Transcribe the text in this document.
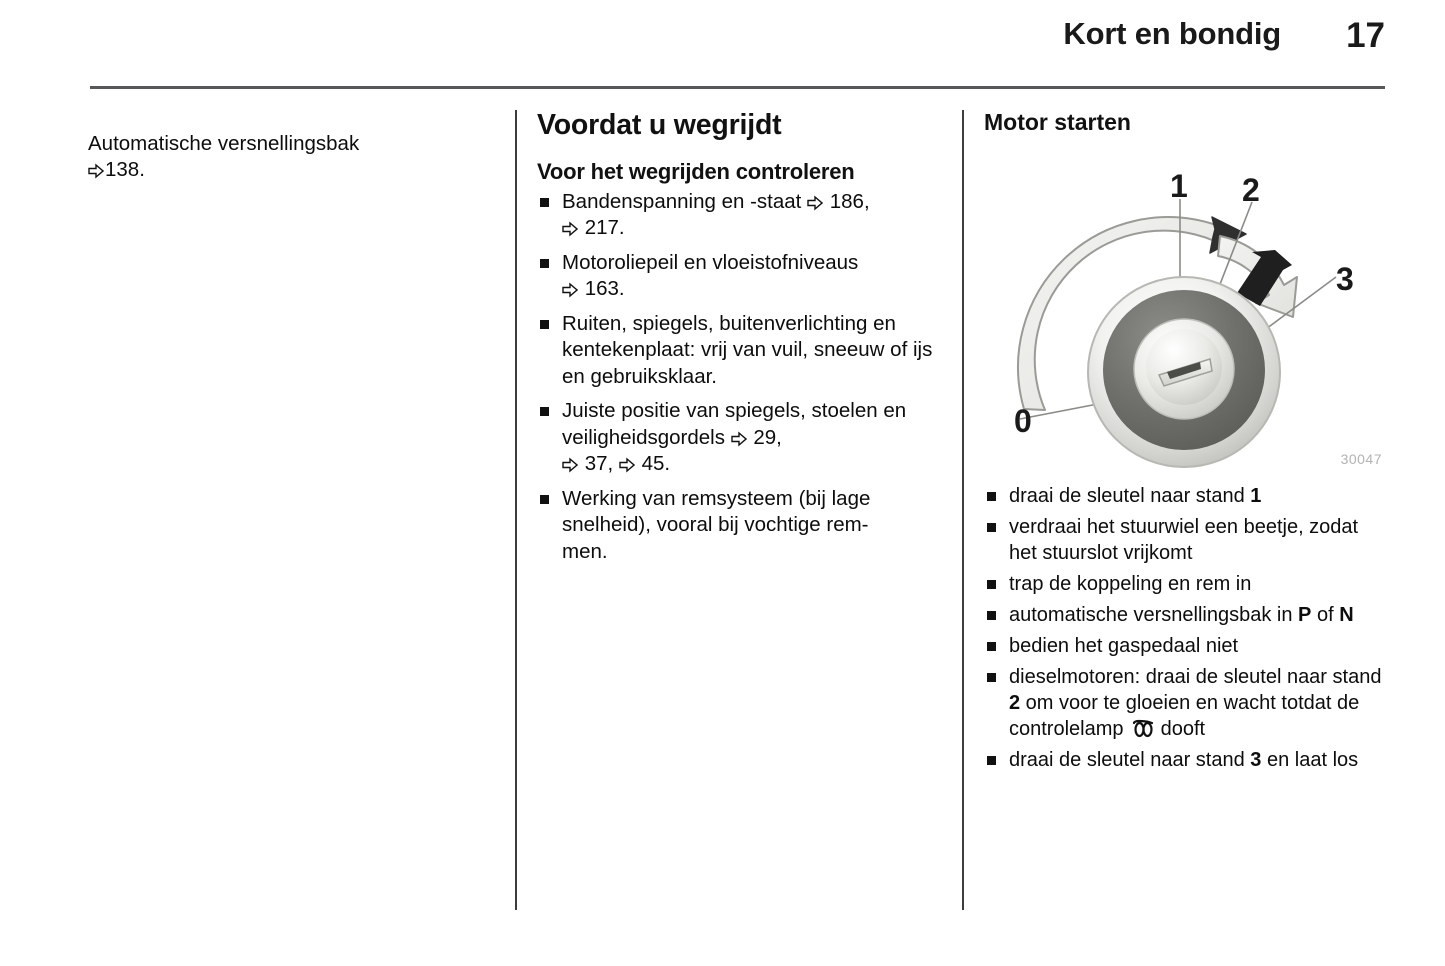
Kort en bondig 17

Automatische versnellingsbak

138.

Voordat u wegrijdt
Voor het wegrijden controleren
Bandenspanning en -staat
186,

217.
Motoroliepeil en vloeistofniveaus

163.
Ruiten, spiegels, buitenverlichting en kentekenplaat: vrij van vuil, sneeuw of ijs en gebruiksklaar.
Juiste positie van spiegels, stoelen en veiligheidsgordels
29,

37,
45.
Werking van remsysteem (bij lage snelheid), vooral bij vochtige rem-
men.
Motor starten
0
1 2
3
30047
draai de sleutel naar stand 1
verdraai het stuurwiel een beetje, zodat het stuurslot vrijkomt
trap de koppeling en rem in
automatische versnellingsbak in P of N
bedien het gaspedaal niet
dieselmotoren: draai de sleutel naar stand 2 om voor te gloeien en wacht totdat de controlelamp
dooft
draai de sleutel naar stand 3 en laat los
